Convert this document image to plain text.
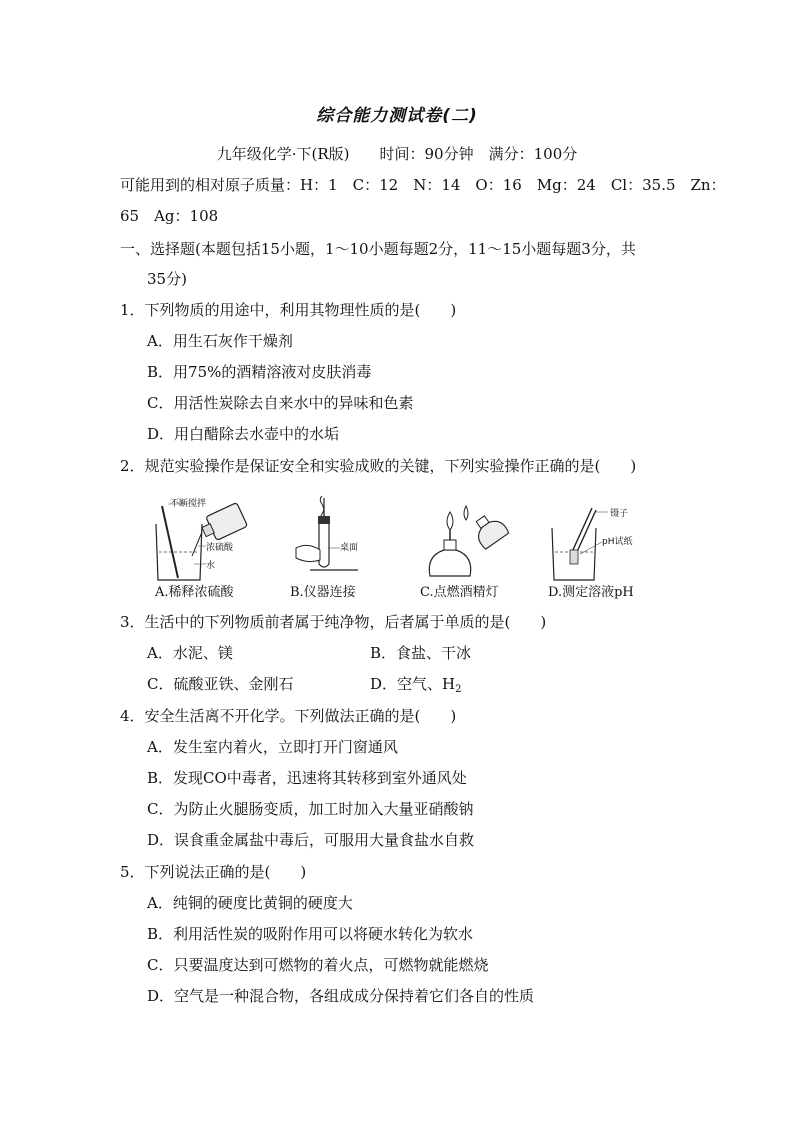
综合能力测试卷(二)
九年级化学·下(R版)　　时间：90分钟　满分：100分
可能用到的相对原子质量：H：1　C：12　N：14　O：16　Mg：24　Cl：35.5　Zn：
65　Ag：108
一、选择题(本题包括15小题，1～10小题每题2分，11～15小题每题3分，共
35分)
1．下列物质的用途中，利用其物理性质的是(　　)
A．用生石灰作干燥剂
B．用75%的酒精溶液对皮肤消毒
C．用活性炭除去自来水中的异味和色素
D．用白醋除去水壶中的水垢
2．规范实验操作是保证安全和实验成败的关键，下列实验操作正确的是(　　)
不断搅拌
浓硫酸
水
A.稀释浓硫酸
桌面
B.仪器连接	C.点燃酒精灯
镊子
pH试纸
D.测定溶液pH
3．生活中的下列物质前者属于纯净物，后者属于单质的是(　　)
A．水泥、镁	B．食盐、干冰
C．硫酸亚铁、金刚石	D．空气、$H_2$
4．安全生活离不开化学。下列做法正确的是(　　)
A．发生室内着火，立即打开门窗通风
B．发现CO中毒者，迅速将其转移到室外通风处
C．为防止火腿肠变质，加工时加入大量亚硝酸钠
D．误食重金属盐中毒后，可服用大量食盐水自救
5．下列说法正确的是(　　)
A．纯铜的硬度比黄铜的硬度大
B．利用活性炭的吸附作用可以将硬水转化为软水
C．只要温度达到可燃物的着火点，可燃物就能燃烧
D．空气是一种混合物，各组成成分保持着它们各自的性质
